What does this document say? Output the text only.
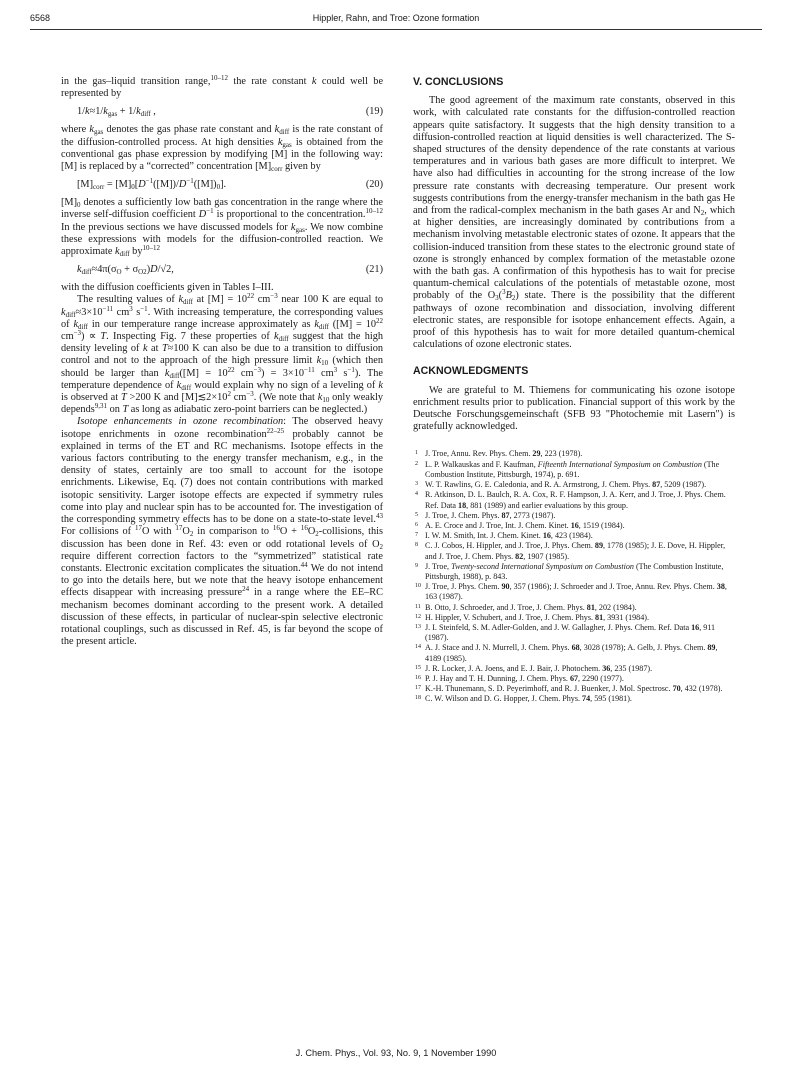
6568	Hippler, Rahn, and Troe: Ozone formation

in the gas–liquid transition range,$^{10-12}$ the rate constant k could well be represented by

$1/k\approx 1/k_{gas} + 1/k_{diff}$ ,	(19)

where $k_{gas}$ denotes the gas phase rate constant and $k_{diff}$ is the rate constant of the diffusion-controlled process. At high densities $k_{gas}$ is obtained from the conventional gas phase expression by modifying [M] in the following way: [M] is replaced by a “corrected” concentration $[M]_{corr}$ given by

$[M]_{corr} = [M]_0[D^{-1}([M])/D^{-1}([M])_0]$.	(20)

$[M]_0$ denotes a sufficiently low bath gas concentration in the range where the inverse self-diffusion coefficient $D^{-1}$ is proportional to the concentration.$^{10-12}$ In the previous sections we have discussed models for $k_{gas}$. We now combine these expressions with models for the diffusion-controlled reaction. We approximate $k_{diff}$ $by^{10-12}$

$k_{diff}\approx 4\pi(\sigma_O + \sigma_{O2})D/√2$,	(21)

with the diffusion coefficients given in Tables I–III.

The resulting values of $k_{diff}$ at $[M] = 10^{22}$ $cm^{-3}$ near 100 K are equal to $k_{diff}\approx 3\times 10^{-11}$ $cm^3$ $s^{-1}$. With increasing temperature, the corresponding values of $k_{diff}$ in our temperature range increase approximately as $k_{diff}$ ($[M] = 10^{22}$ $cm^{-3}) \propto T$. Inspecting Fig. 7 these properties of $k_{diff}$ suggest that the high density leveling of k at T≈100 K can also be due to a transition to diffusion control and not to the approach of the high pressure limit $k_{10}$ (which then should be larger than $k_{diff}([M] = 10^{22}$ $cm^{-3}) = 3\times 10^{-11}$ $cm^3$ $s^{-1}$). The temperature dependence of $k_{diff}$ would explain why no sign of a leveling of k is observed at T >200 K and $[M]≲2\times 10^2$ $cm^{-3}$. (We note that $k_{10}$ only weakly depends$^{9,31}$ on T as long as adiabatic zero-point barriers can be neglected.)

Isotope enhancements in ozone recombination: The observed heavy isotope enrichments in ozone recombination$^{22-25}$ probably cannot be explained in terms of the ET and RC mechanisms. Isotope effects in the various factors contributing to the energy transfer mechanism, e.g., in the density of states, certainly are too small to account for the isotope enrichments. Likewise, Eq. (7) does not contain contributions with marked isotopic sensitivity. Larger isotope effects are expected if symmetry rules come into play and nuclear spin has to be accounted for. The investigation of the corresponding symmetry effects has to be done on a state-to-state level.$^{43}$ For collisions of $^{17}$O with $^{17}O_2$ in comparison to $^{16}O + ^{16}O_2$-collisions, this discussion has been done in Ref. 43: even or odd rotational levels of $O_2$ require different correction factors to the “symmetrized” statistical rate constants. Electronic excitation complicates the situation.$^{44}$ We do not intend to go into the details here, but we note that the heavy isotope enhancement effects disappear with increasing pressure$^{24}$ in a range where the EE–RC mechanism becomes dominant according to the present work. A detailed discussion of these effects, in particular of nuclear-spin selective electronic rotational couplings, such as discussed in Ref. 45, is far beyond the scope of the present article.

V. CONCLUSIONS

The good agreement of the maximum rate constants, observed in this work, with calculated rate constants for the diffusion-controlled reaction appears quite satisfactory. It suggests that the high density transition to a diffusion-controlled reaction at liquid densities is well characterized. The S-shaped structures of the density dependence of the rate constants at various temperatures and in various bath gases are more difficult to interpret. We have also had difficulties in accounting for the strong increase of the low pressure rate constants with decreasing temperature. Our present work suggests contributions from the energy-transfer mechanism in the bath gas He and from the radical-complex mechanism in the bath gases Ar and $N_2$, which at higher densities, are increasingly dominated by contributions from a mechanism involving metastable electronic states of ozone. It appears that the collision-induced transition from these states to the electronic ground state of ozone is strongly enhanced by complex formation of the metastable ozone with the bath gas. A confirmation of this hypothesis has to wait for precise quantum-chemical calculations of the potentials of metastable ozone, most probably of the $O_3(^3B_2)$ state. There is the possibility that the different pathways of ozone recombination and dissociation, involving different electronic states, are responsible for isotope enhancement effects. Again, a proof of this hypothesis has to wait for more detailed quantum-chemical calculations of ozone electronic states.

ACKNOWLEDGMENTS

We are grateful to M. Thiemens for communicating his ozone isotope enrichment results prior to publication. Financial support of this work by the Deutsche Forschungsgemeinschaft (SFB 93 "Photochemie mit Lasern") is gratefully acknowledged.

1 J. Troe, Annu. Rev. Phys. Chem. 29, 223 (1978).
2 L. P. Walkauskas and F. Kaufman, Fifteenth International Symposium on Combustion (The Combustion Institute, Pittsburgh, 1974), p. 691.
3 W. T. Rawlins, G. E. Caledonia, and R. A. Armstrong, J. Chem. Phys. 87, 5209 (1987).
4 R. Atkinson, D. L. Baulch, R. A. Cox, R. F. Hampson, J. A. Kerr, and J. Troe, J. Phys. Chem. Ref. Data 18, 881 (1989) and earlier evaluations by this group.
5 J. Troe, J. Chem. Phys. 87, 2773 (1987).
6 A. E. Croce and J. Troe, Int. J. Chem. Kinet. 16, 1519 (1984).
7 I. W. M. Smith, Int. J. Chem. Kinet. 16, 423 (1984).
8 C. J. Cobos, H. Hippler, and J. Troe, J. Phys. Chem. 89, 1778 (1985); J. E. Dove, H. Hippler, and J. Troe, J. Chem. Phys. 82, 1907 (1985).
9 J. Troe, Twenty-second International Symposium on Combustion (The Combustion Institute, Pittsburgh, 1988), p. 843.
10 J. Troe, J. Phys. Chem. 90, 357 (1986); J. Schroeder and J. Troe, Annu. Rev. Phys. Chem. 38, 163 (1987).
11 B. Otto, J. Schroeder, and J. Troe, J. Chem. Phys. 81, 202 (1984).
12 H. Hippler, V. Schubert, and J. Troe, J. Chem. Phys. 81, 3931 (1984).
13 J. I. Steinfeld, S. M. Adler-Golden, and J. W. Gallagher, J. Phys. Chem. Ref. Data 16, 911 (1987).
14 A. J. Stace and J. N. Murrell, J. Chem. Phys. 68, 3028 (1978); A. Gelb, J. Phys. Chem. 89, 4189 (1985).
15 J. R. Locker, J. A. Joens, and E. J. Bair, J. Photochem. 36, 235 (1987).
16 P. J. Hay and T. H. Dunning, J. Chem. Phys. 67, 2290 (1977).
17 K.-H. Thunemann, S. D. Peyerimhoff, and R. J. Buenker, J. Mol. Spectrosc. 70, 432 (1978).
18 C. W. Wilson and D. G. Hopper, J. Chem. Phys. 74, 595 (1981).
J. Chem. Phys., Vol. 93, No. 9, 1 November 1990
